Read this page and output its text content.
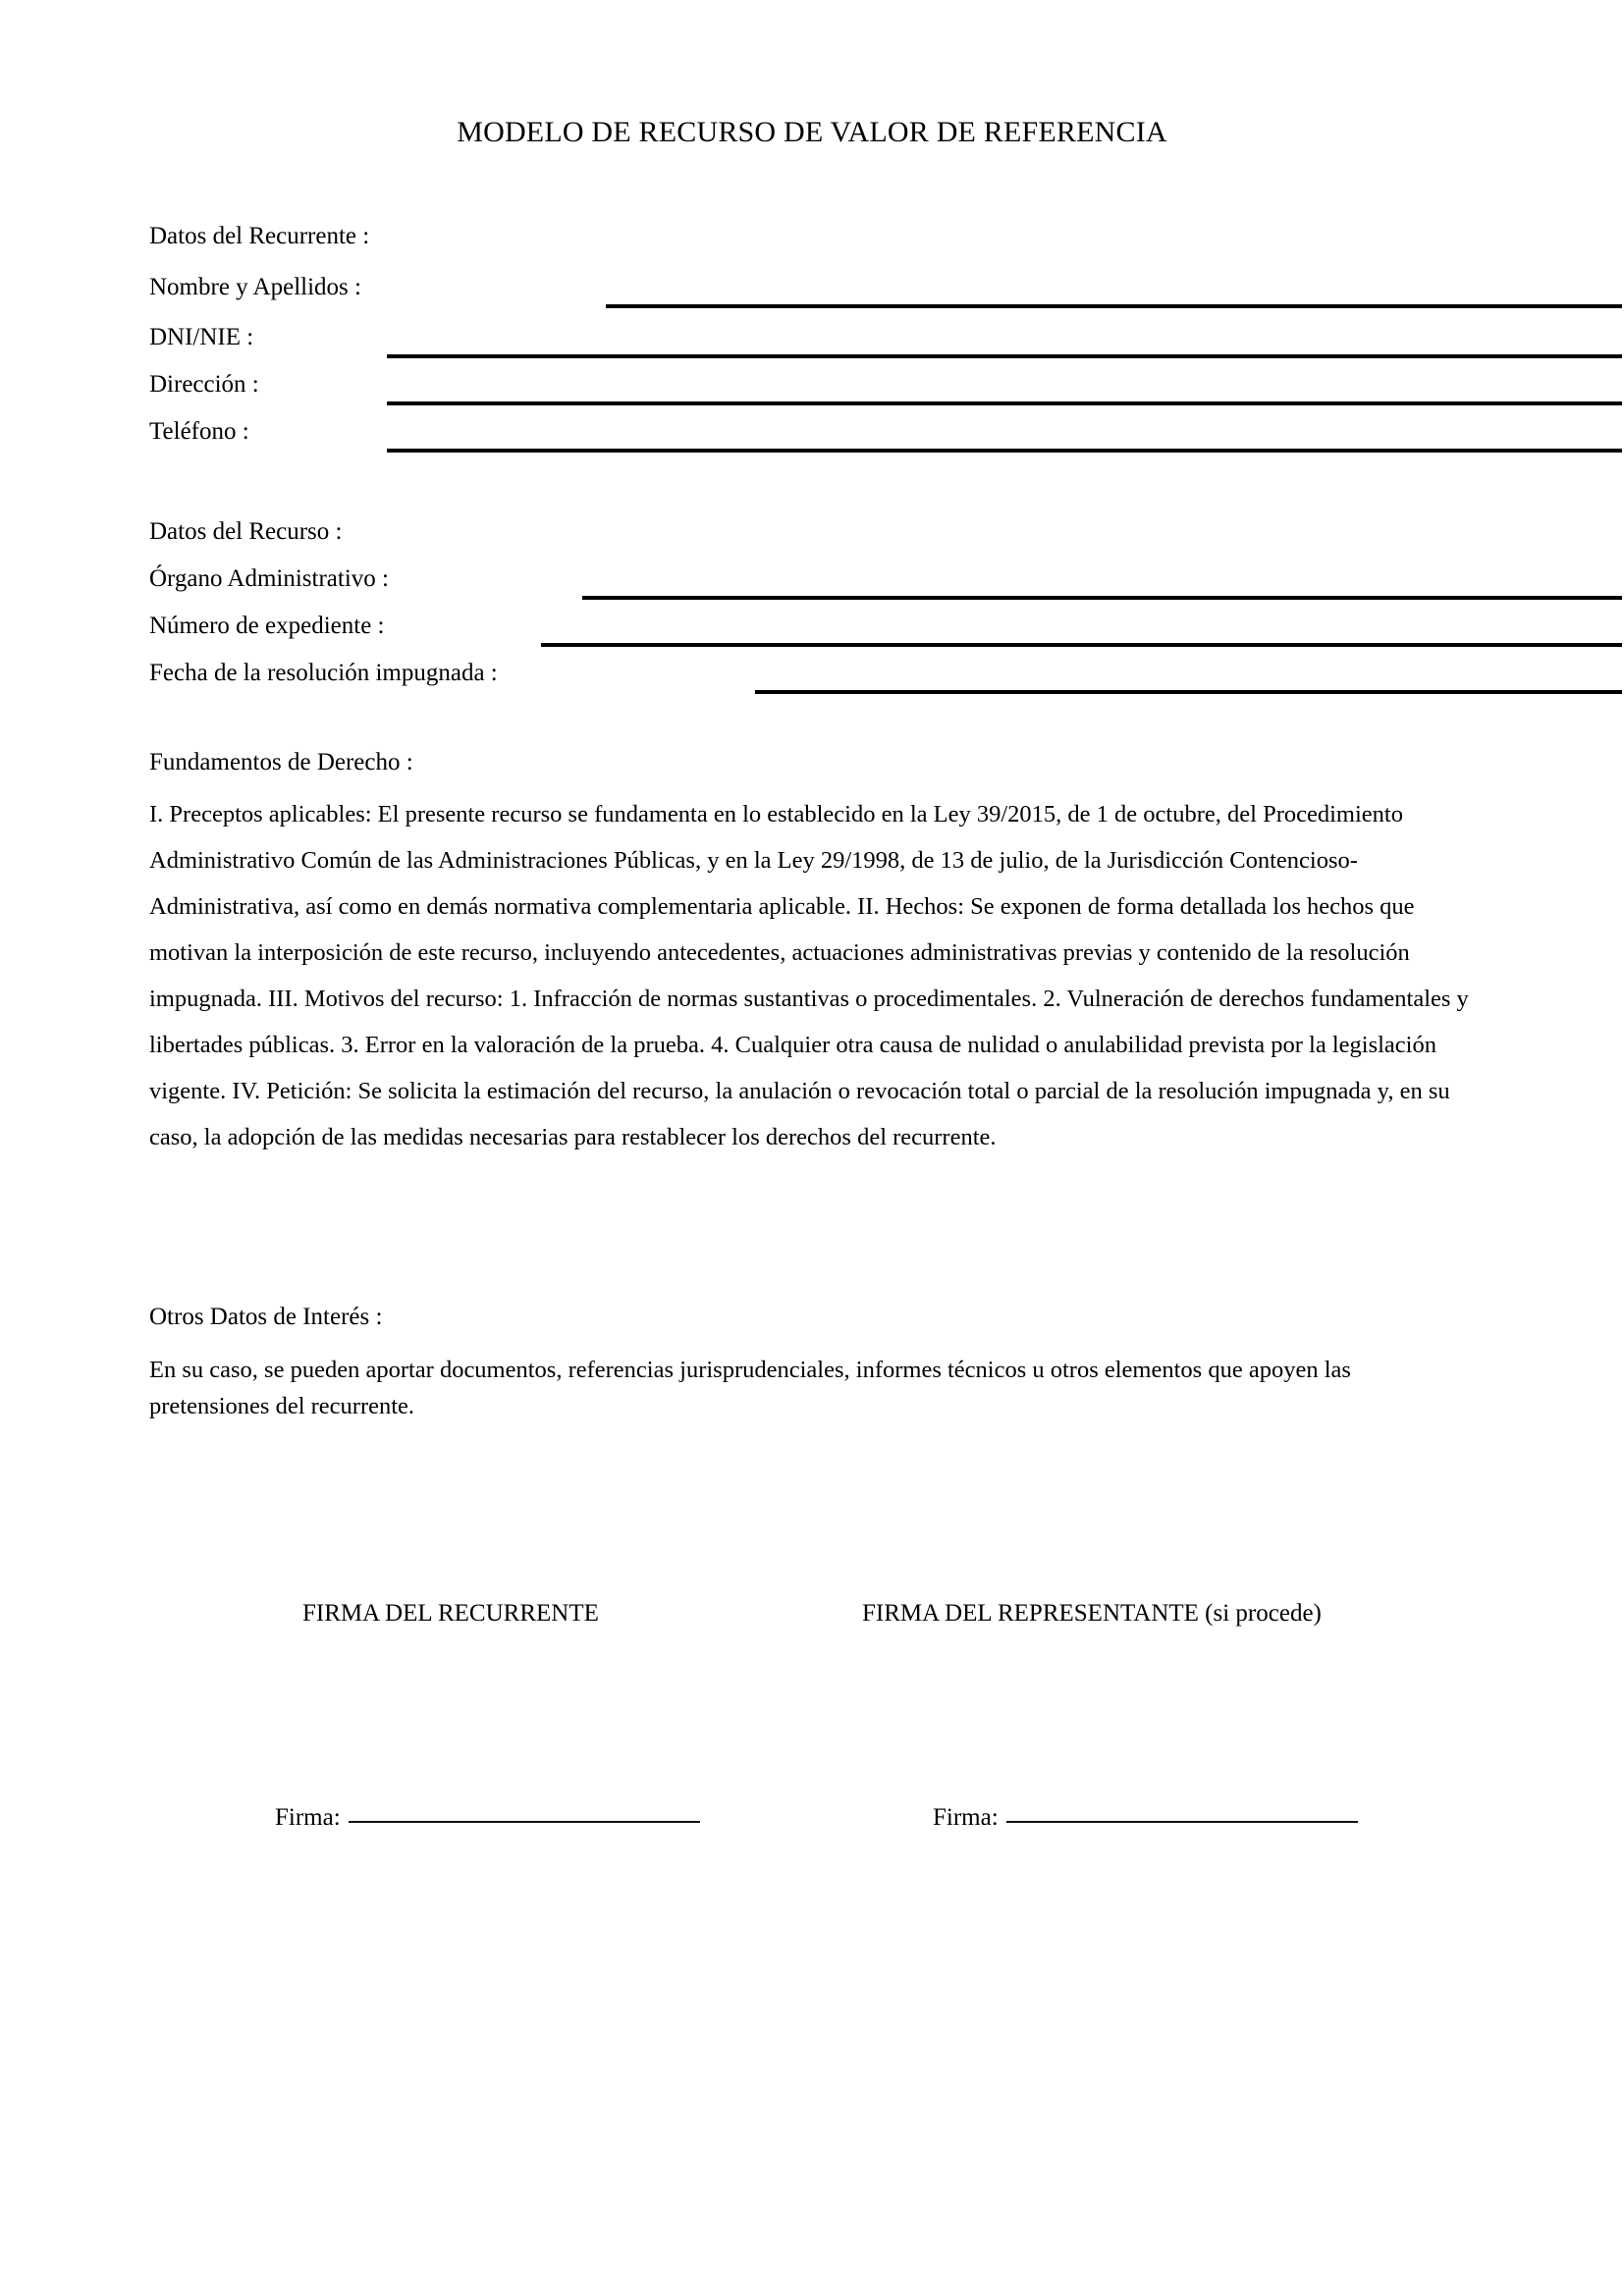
MODELO DE RECURSO DE VALOR DE REFERENCIA
Datos del Recurrente :
Nombre y Apellidos :
DNI/NIE :
Dirección :
Teléfono :
Datos del Recurso :
Órgano Administrativo :
Número de expediente :
Fecha de la resolución impugnada :
Fundamentos de Derecho :
I. Preceptos aplicables: El presente recurso se fundamenta en lo establecido en la Ley 39/2015, de 1 de octubre, del Procedimiento Administrativo Común de las Administraciones Públicas, y en la Ley 29/1998, de 13 de julio, de la Jurisdicción Contencioso-Administrativa, así como en demás normativa complementaria aplicable. II. Hechos: Se exponen de forma detallada los hechos que motivan la interposición de este recurso, incluyendo antecedentes, actuaciones administrativas previas y contenido de la resolución impugnada. III. Motivos del recurso: 1. Infracción de normas sustantivas o procedimentales. 2. Vulneración de derechos fundamentales y libertades públicas. 3. Error en la valoración de la prueba. 4. Cualquier otra causa de nulidad o anulabilidad prevista por la legislación vigente. IV. Petición: Se solicita la estimación del recurso, la anulación o revocación total o parcial de la resolución impugnada y, en su caso, la adopción de las medidas necesarias para restablecer los derechos del recurrente.
Otros Datos de Interés :
En su caso, se pueden aportar documentos, referencias jurisprudenciales, informes técnicos u otros elementos que apoyen las pretensiones del recurrente.
FIRMA DEL RECURRENTE	FIRMA DEL REPRESENTANTE (si procede)
Firma:	Firma:
